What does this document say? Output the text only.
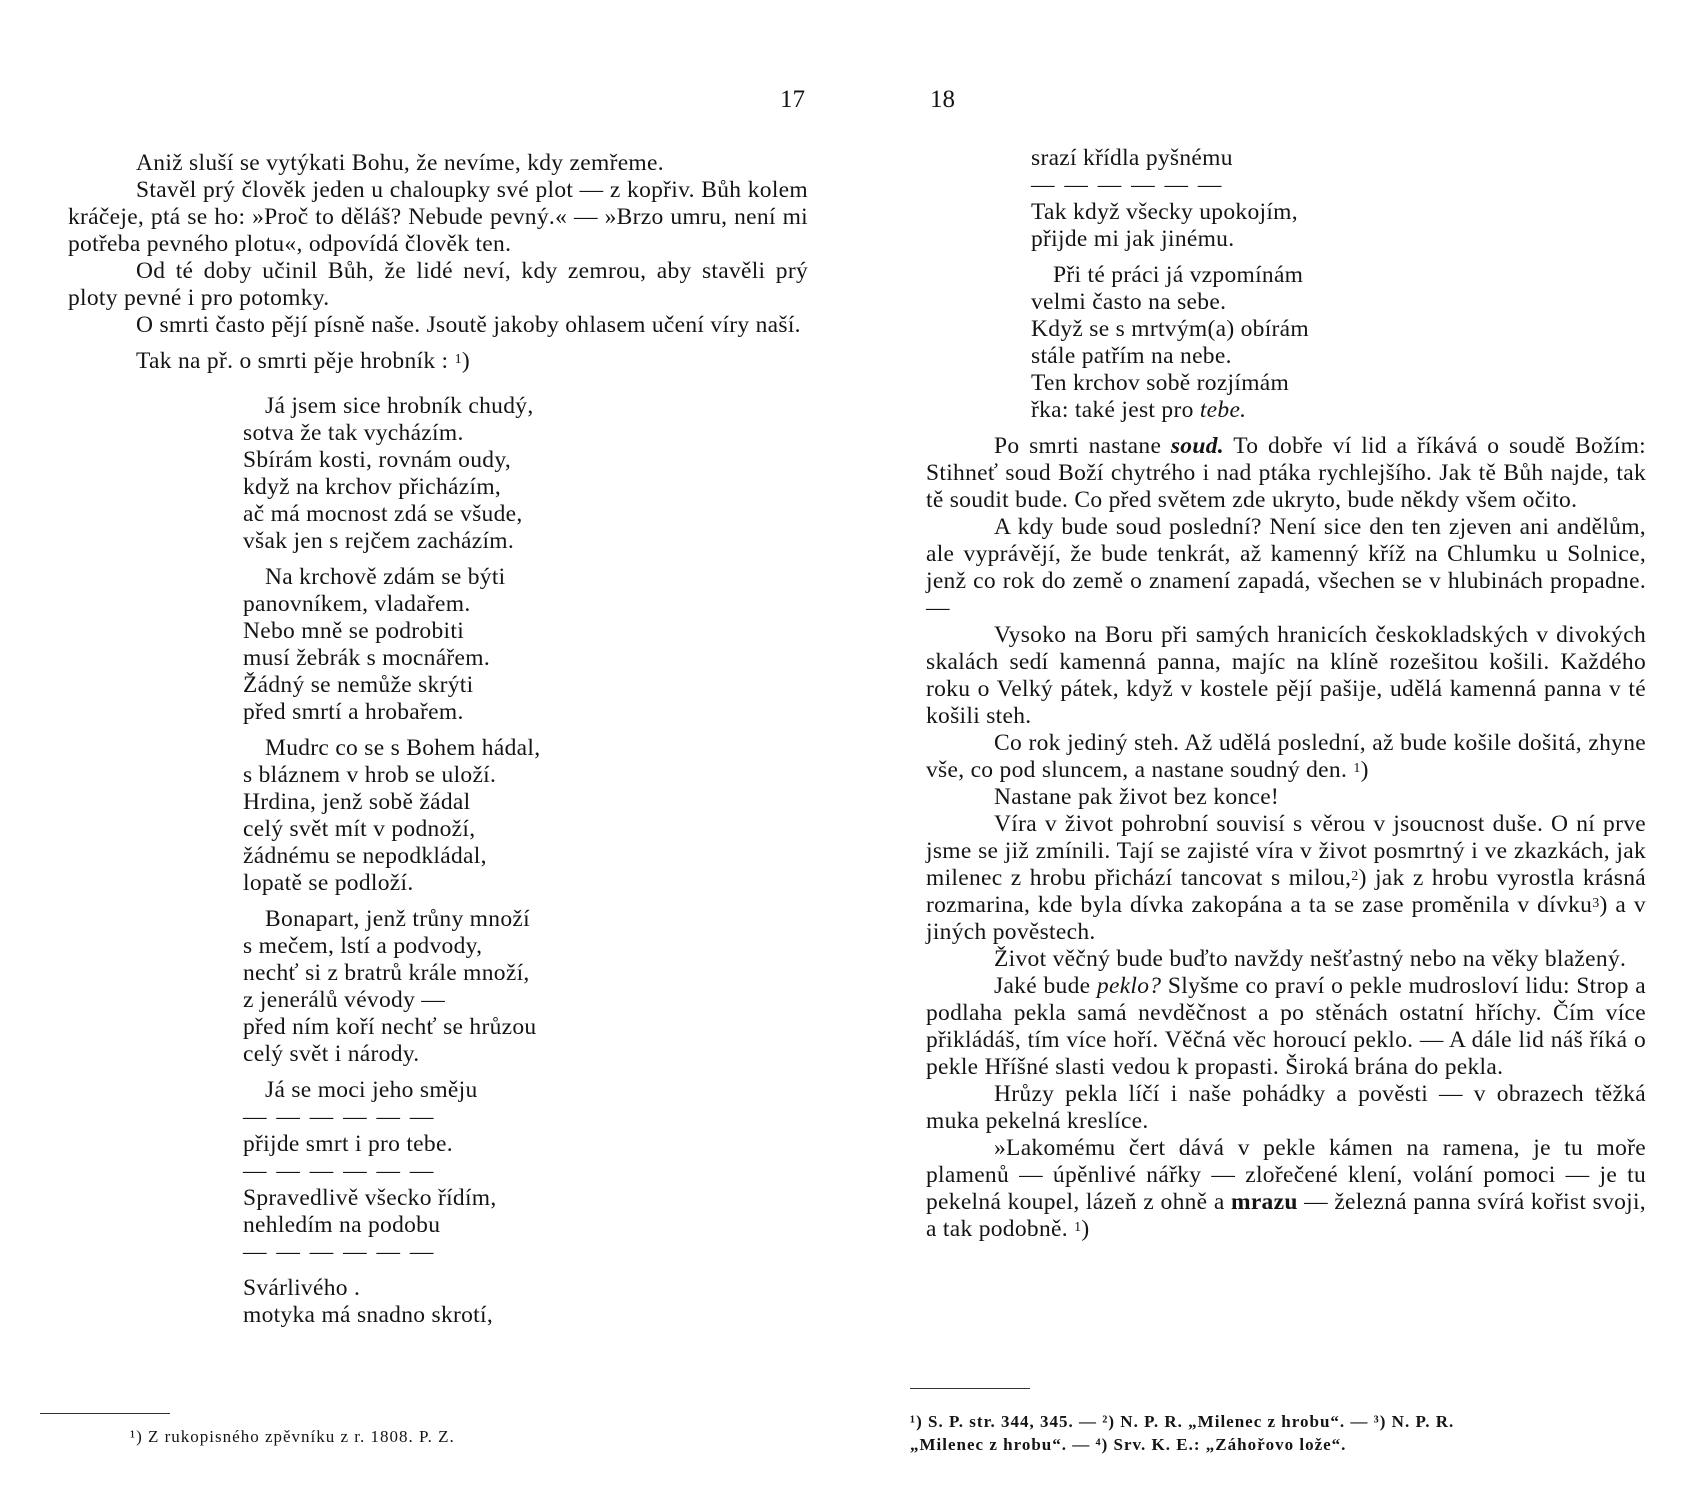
17

Aniž sluší se vytýkati Bohu, že nevíme, kdy zemřeme.

Stavěl prý člověk jeden u chaloupky své plot — z kopřiv. Bůh kolem kráčeje, ptá se ho: »Proč to děláš? Nebude pevný.« — »Brzo umru, není mi potřeba pevného plotu«, odpovídá člověk ten.

Od té doby učinil Bůh, že lidé neví, kdy zemrou, aby stavěli prý ploty pevné i pro potomky.

O smrti často pějí písně naše. Jsoutě jakoby ohlasem učení víry naší.

Tak na př. o smrti pěje hrobník : $^1$)

Já jsem sice hrobník chudý,
sotva že tak vycházím.
Sbírám kosti, rovnám oudy,
když na krchov přicházím,
ač má mocnost zdá se všude,
však jen s rejčem zacházím.
Na krchově zdám se býti
panovníkem, vladařem.
Nebo mně se podrobiti
musí žebrák s mocnářem.
Žádný se nemůže skrýti
před smrtí a hrobařem.
Mudrc co se s Bohem hádal,
s bláznem v hrob se uloží.
Hrdina, jenž sobě žádal
celý svět mít v podnoží,
žádnému se nepodkládal,
lopatě se podloží.
Bonapart, jenž trůny množí
s mečem, lstí a podvody,
nechť si z bratrů krále množí,
z jenerálů vévody —
před ním koří nechť se hrůzou
celý svět i národy.
Já se moci jeho směju
— — — — — —
přijde smrt i pro tebe.
— — — — — —
Spravedlivě všecko řídím,
nehledím na podobu
— — — — — —
Svárlivého .
motyka má snadno skrotí,
¹) Z rukopisného zpěvníku z r. 1808. P. Z.
18
srazí křídla pyšnému
— — — — — —
Tak když všecky upokojím,
přijde mi jak jinému.
Při té práci já vzpomínám
velmi často na sebe.
Když se s mrtvým(a) obírám
stále patřím na nebe.
Ten krchov sobě rozjímám
řka: také jest pro tebe.

Po smrti nastane soud. To dobře ví lid a říkává o soudě Božím: Stihneť soud Boží chytrého i nad ptáka rychlejšího. Jak tě Bůh najde, tak tě soudit bude. Co před světem zde ukryto, bude někdy všem očito.

A kdy bude soud poslední? Není sice den ten zjeven ani andělům, ale vyprávějí, že bude tenkrát, až kamenný kříž na Chlumku u Solnice, jenž co rok do země o znamení zapadá, všechen se v hlubinách propadne. —

Vysoko na Boru při samých hranicích českokladských v divokých skalách sedí kamenná panna, majíc na klíně rozešitou košili. Každého roku o Velký pátek, když v kostele pějí pašije, udělá kamenná panna v té košili steh.

Co rok jediný steh. Až udělá poslední, až bude košile došitá, zhyne vše, co pod sluncem, a nastane soudný den. $^1$)

Nastane pak život bez konce!

Víra v život pohrobní souvisí s věrou v jsoucnost duše. O ní prve jsme se již zmínili. Tají se zajisté víra v život posmrtný i ve zkazkách, jak milenec z hrobu přichází tancovat s milou,$^2$) jak z hrobu vyrostla krásná rozmarina, kde byla dívka zakopána a ta se zase proměnila v dívku$^3$) a v jiných pověstech.

Život věčný bude buďto navždy nešťastný nebo na věky blažený.

Jaké bude peklo? Slyšme co praví o pekle mudrosloví lidu: Strop a podlaha pekla samá nevděčnost a po stěnách ostatní hříchy. Čím více přikládáš, tím více hoří. Věčná věc horoucí peklo. — A dále lid náš říká o pekle Hříšné slasti vedou k propasti. Široká brána do pekla.

Hrůzy pekla líčí i naše pohádky a pověsti — v obrazech těžká muka pekelná kreslíce.

»Lakomému čert dává v pekle kámen na ramena, je tu moře plamenů — úpěnlivé nářky — zlořečené klení, volání pomoci — je tu pekelná koupel, lázeň z ohně a mrazu — železná panna svírá kořist svoji, a tak podobně. $^1$)

¹) S. P. str. 344, 345. — ²) N. P. R. „Milenec z hrobu“. — ³) N. P. R.
„Milenec z hrobu“. — ⁴) Srv. K. E.: „Záhořovo lože“.
